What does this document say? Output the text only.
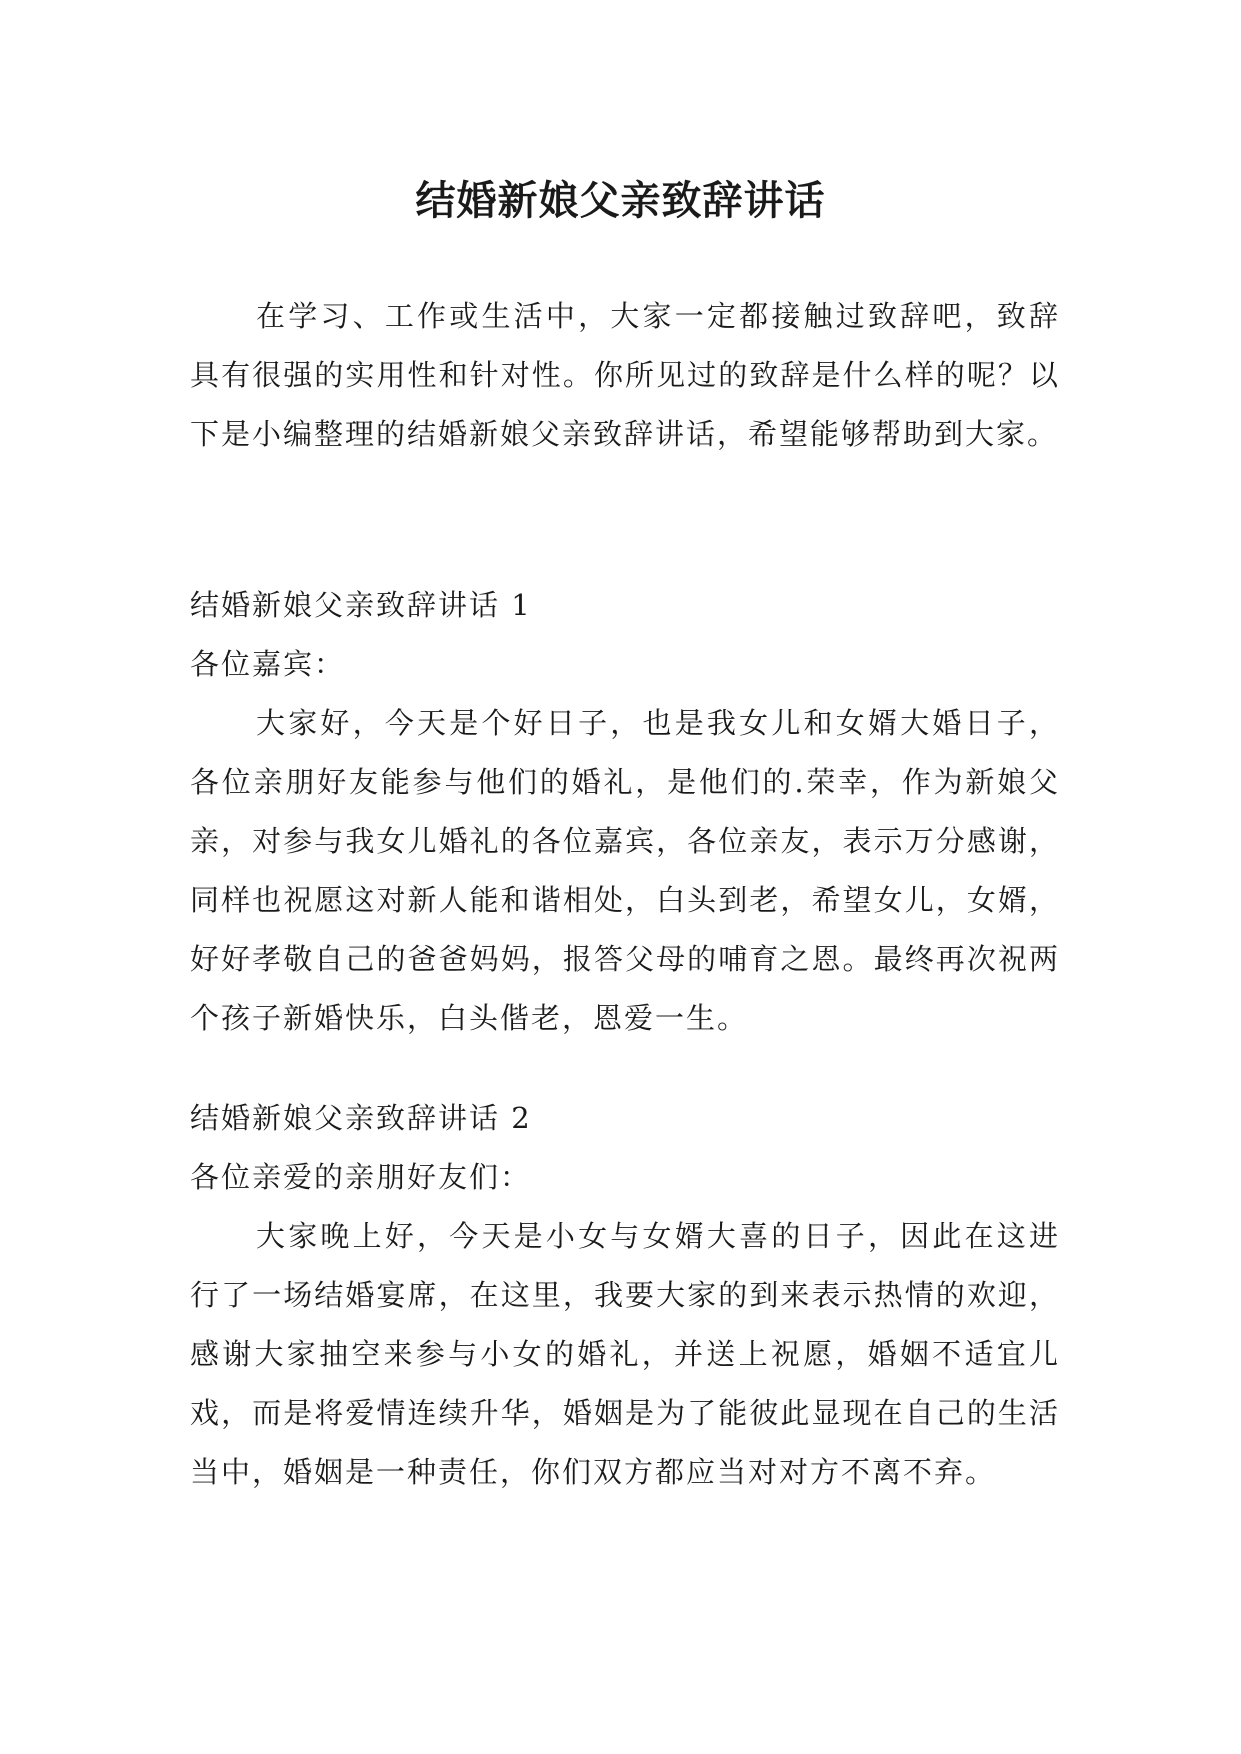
结婚新娘父亲致辞讲话

在学习、工作或生活中，大家一定都接触过致辞吧，致辞具有很强的实用性和针对性。你所见过的致辞是什么样的呢？以下是小编整理的结婚新娘父亲致辞讲话，希望能够帮助到大家。

结婚新娘父亲致辞讲话 1

各位嘉宾：

大家好，今天是个好日子，也是我女儿和女婿大婚日子，各位亲朋好友能参与他们的婚礼，是他们的.荣幸，作为新娘父亲，对参与我女儿婚礼的各位嘉宾，各位亲友，表示万分感谢，同样也祝愿这对新人能和谐相处，白头到老，希望女儿，女婿，好好孝敬自己的爸爸妈妈，报答父母的哺育之恩。最终再次祝两个孩子新婚快乐，白头偕老，恩爱一生。

结婚新娘父亲致辞讲话 2

各位亲爱的亲朋好友们：

大家晚上好，今天是小女与女婿大喜的日子，因此在这进行了一场结婚宴席，在这里，我要大家的到来表示热情的欢迎，感谢大家抽空来参与小女的婚礼，并送上祝愿，婚姻不适宜儿戏，而是将爱情连续升华，婚姻是为了能彼此显现在自己的生活当中，婚姻是一种责任，你们双方都应当对对方不离不弃。
